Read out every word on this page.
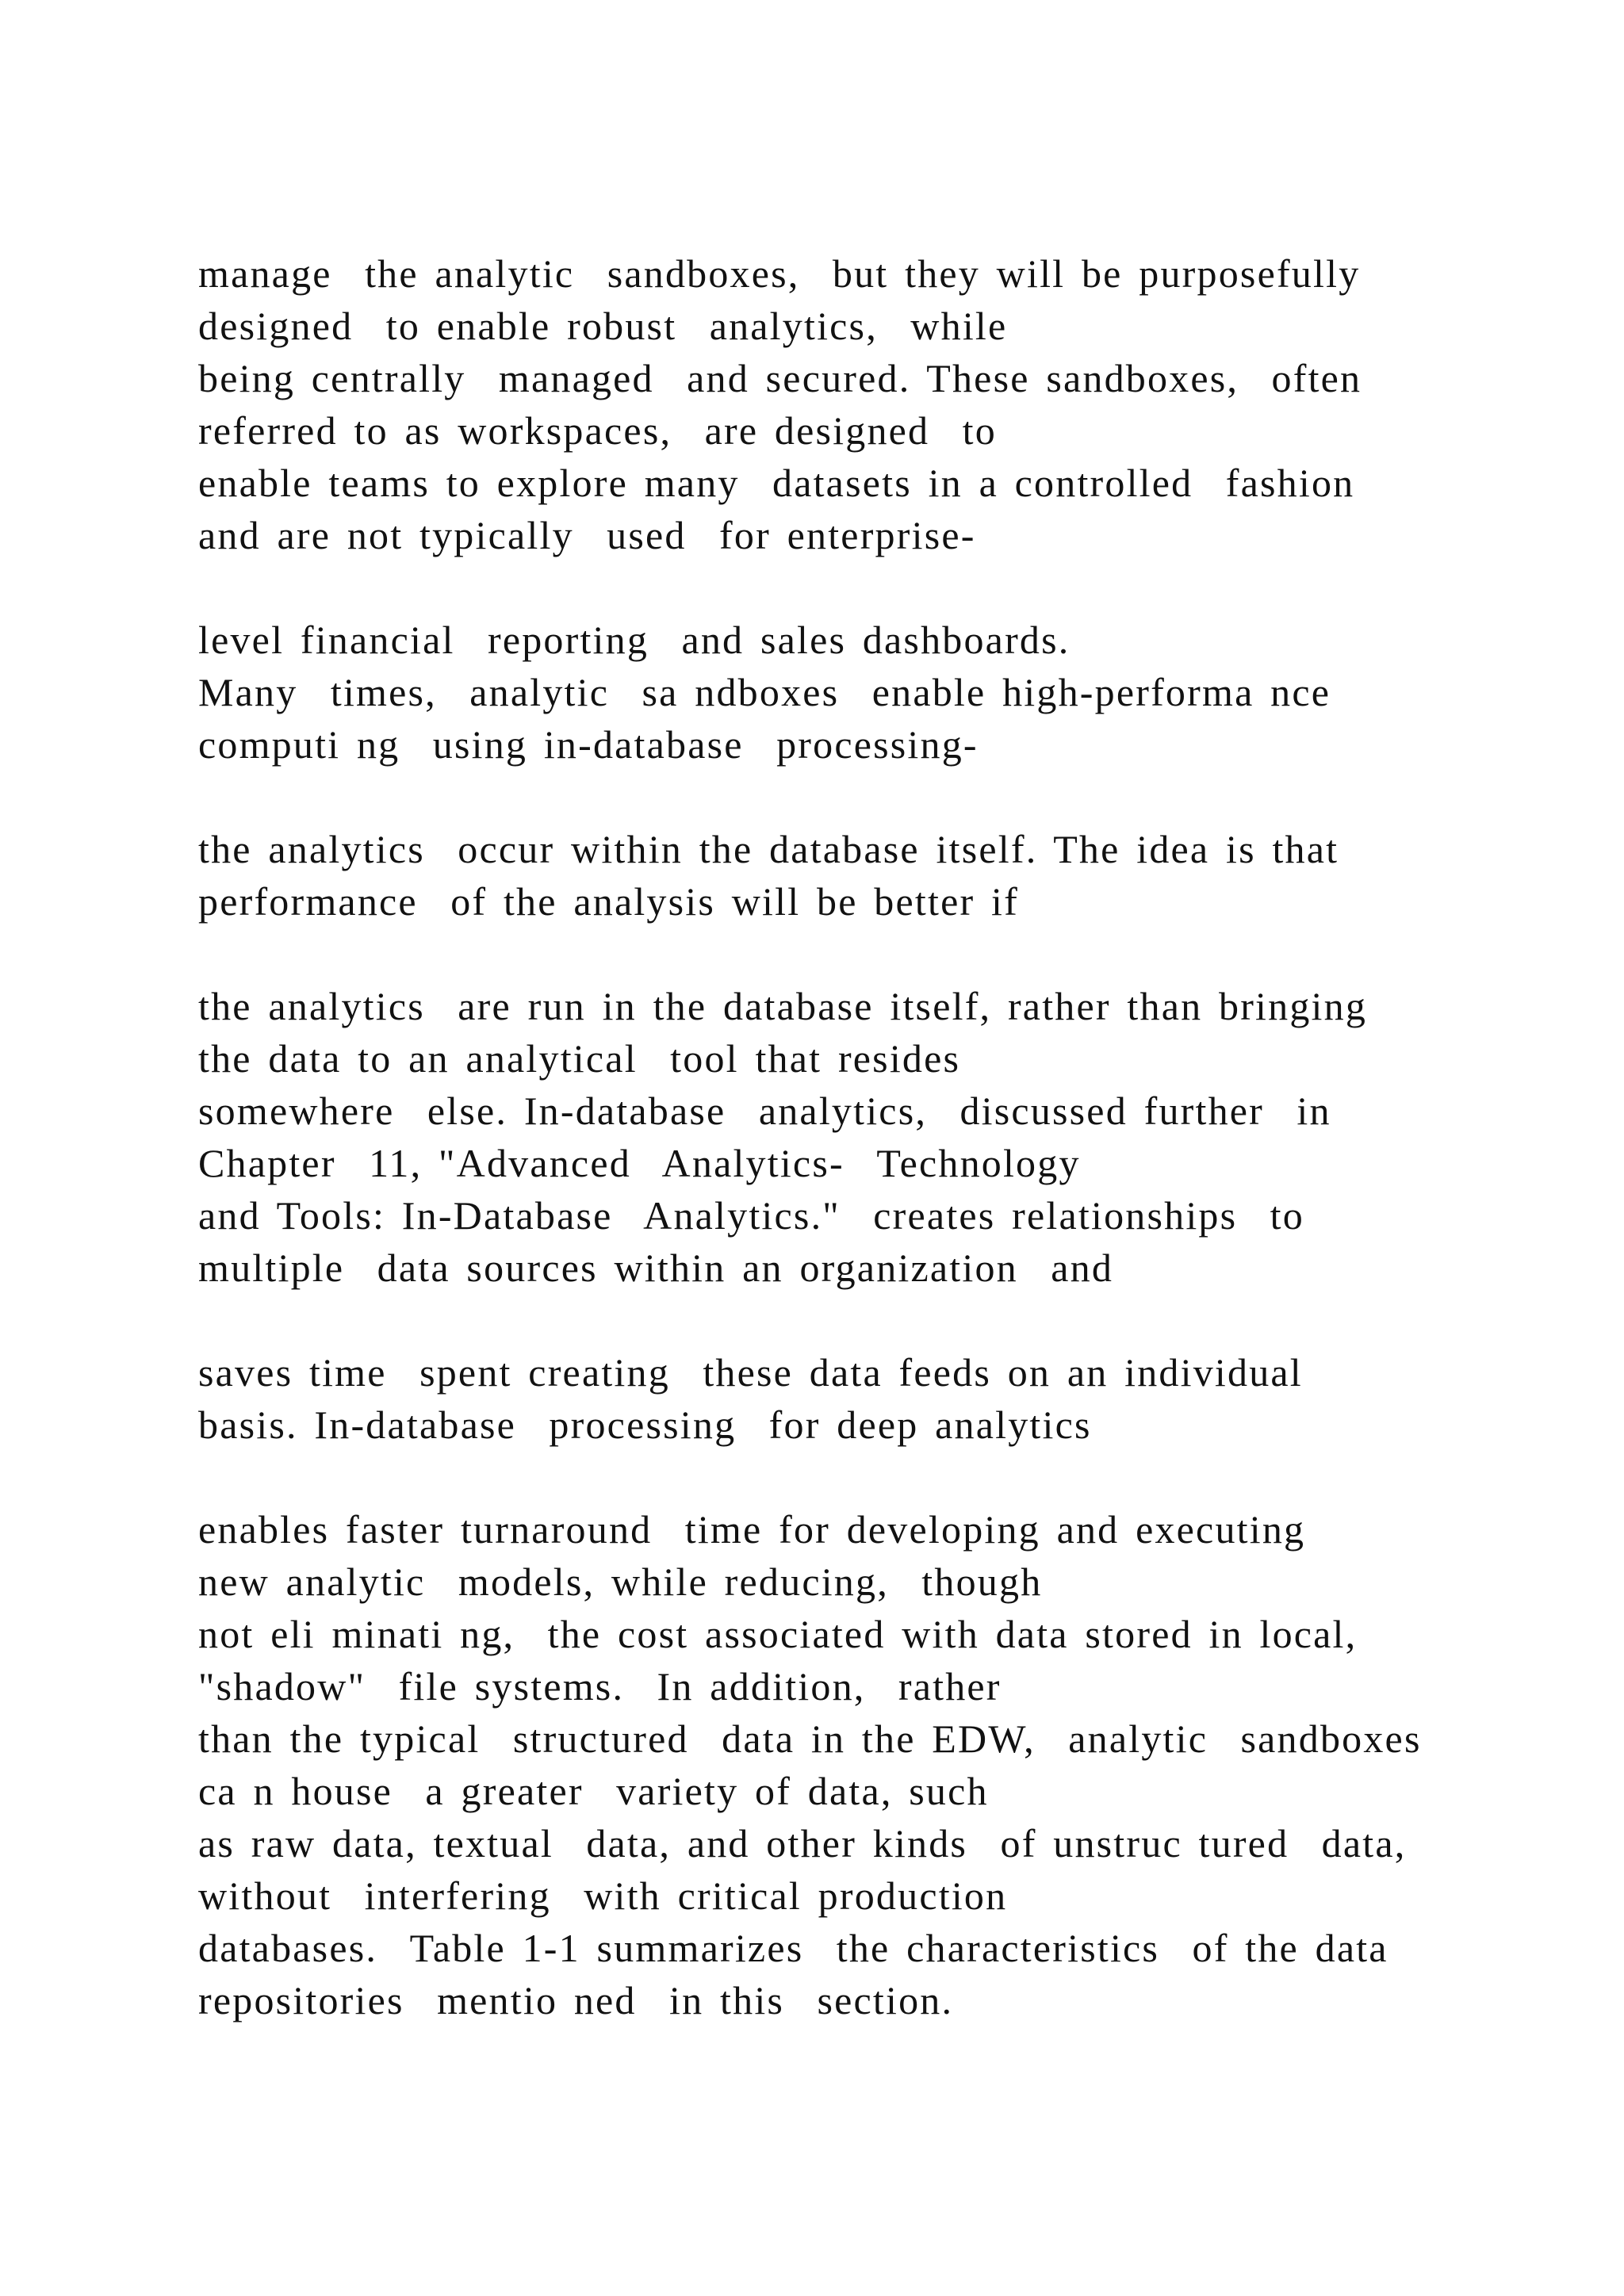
manage  the analytic  sandboxes,  but they will be purposefully
designed  to enable robust  analytics,  while
being centrally  managed  and secured. These sandboxes,  often
referred to as workspaces,  are designed  to
enable teams to explore many  datasets in a controlled  fashion
and are not typically  used  for enterprise-
level financial  reporting  and sales dashboards.
Many  times,  analytic  sa ndboxes  enable high-performa nce
computi ng  using in-database  processing-
the analytics  occur within the database itself. The idea is that
performance  of the analysis will be better if
the analytics  are run in the database itself, rather than bringing
the data to an analytical  tool that resides
somewhere  else. In-database  analytics,  discussed further  in
Chapter  11, "Advanced  Analytics-  Technology
and Tools: In-Database  Analytics."  creates relationships  to
multiple  data sources within an organization  and
saves time  spent creating  these data feeds on an individual
basis. In-database  processing  for deep analytics
enables faster turnaround  time for developing and executing
new analytic  models, while reducing,  though
not eli minati ng,  the cost associated with data stored in local,
"shadow"  file systems.  In addition,  rather
than the typical  structured  data in the EDW,  analytic  sandboxes
ca n house  a greater  variety of data, such
as raw data, textual  data, and other kinds  of unstruc tured  data,
without  interfering  with critical production
databases.  Table 1-1 summarizes  the characteristics  of the data
repositories  mentio ned  in this  section.
